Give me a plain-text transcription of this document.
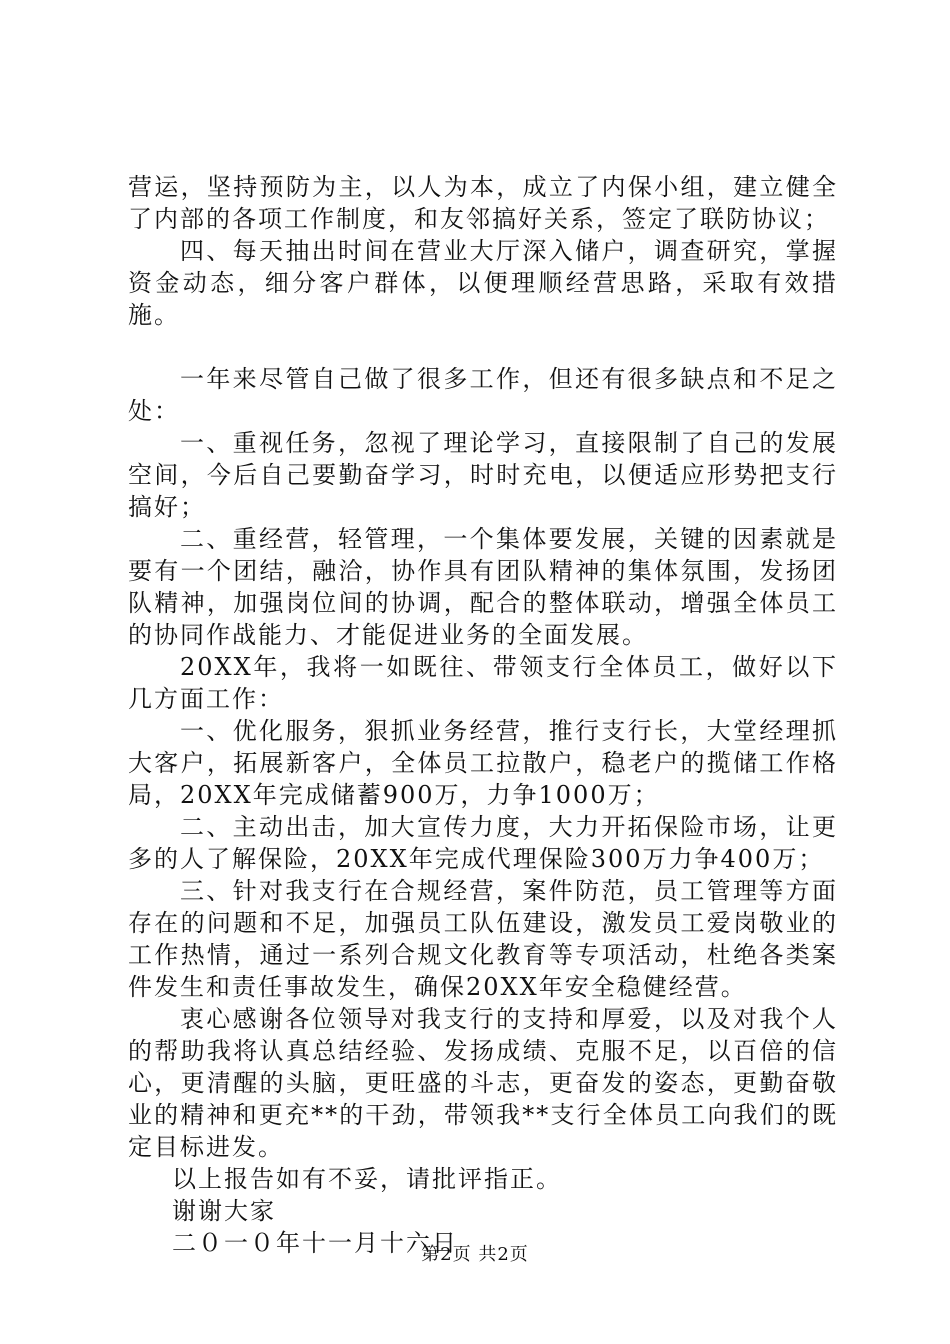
营运，坚持预防为主，以人为本，成立了内保小组，建立健全了内部的各项工作制度，和友邻搞好关系，签定了联防协议；

四、每天抽出时间在营业大厅深入储户，调查研究，掌握资金动态，细分客户群体，以便理顺经营思路，采取有效措施。

一年来尽管自己做了很多工作，但还有很多缺点和不足之处：

一、重视任务，忽视了理论学习，直接限制了自己的发展空间，今后自己要勤奋学习，时时充电，以便适应形势把支行搞好；

二、重经营，轻管理，一个集体要发展，关键的因素就是要有一个团结，融洽，协作具有团队精神的集体氛围，发扬团队精神，加强岗位间的协调，配合的整体联动，增强全体员工的协同作战能力、才能促进业务的全面发展。

20XX年，我将一如既往、带领支行全体员工，做好以下几方面工作：

一、优化服务，狠抓业务经营，推行支行长，大堂经理抓大客户，拓展新客户，全体员工拉散户，稳老户的揽储工作格局，20XX年完成储蓄900万，力争1000万；

二、主动出击，加大宣传力度，大力开拓保险市场，让更多的人了解保险，20XX年完成代理保险300万力争400万；

三、针对我支行在合规经营，案件防范，员工管理等方面存在的问题和不足，加强员工队伍建设，激发员工爱岗敬业的工作热情，通过一系列合规文化教育等专项活动，杜绝各类案件发生和责任事故发生，确保20XX年安全稳健经营。

衷心感谢各位领导对我支行的支持和厚爱，以及对我个人的帮助我将认真总结经验、发扬成绩、克服不足，以百倍的信心，更清醒的头脑，更旺盛的斗志，更奋发的姿态，更勤奋敬业的精神和更充**的干劲，带领我**支行全体员工向我们的既定目标进发。

以上报告如有不妥，请批评指正。

谢谢大家

二０一０年十一月十六日

第2页 共2页
